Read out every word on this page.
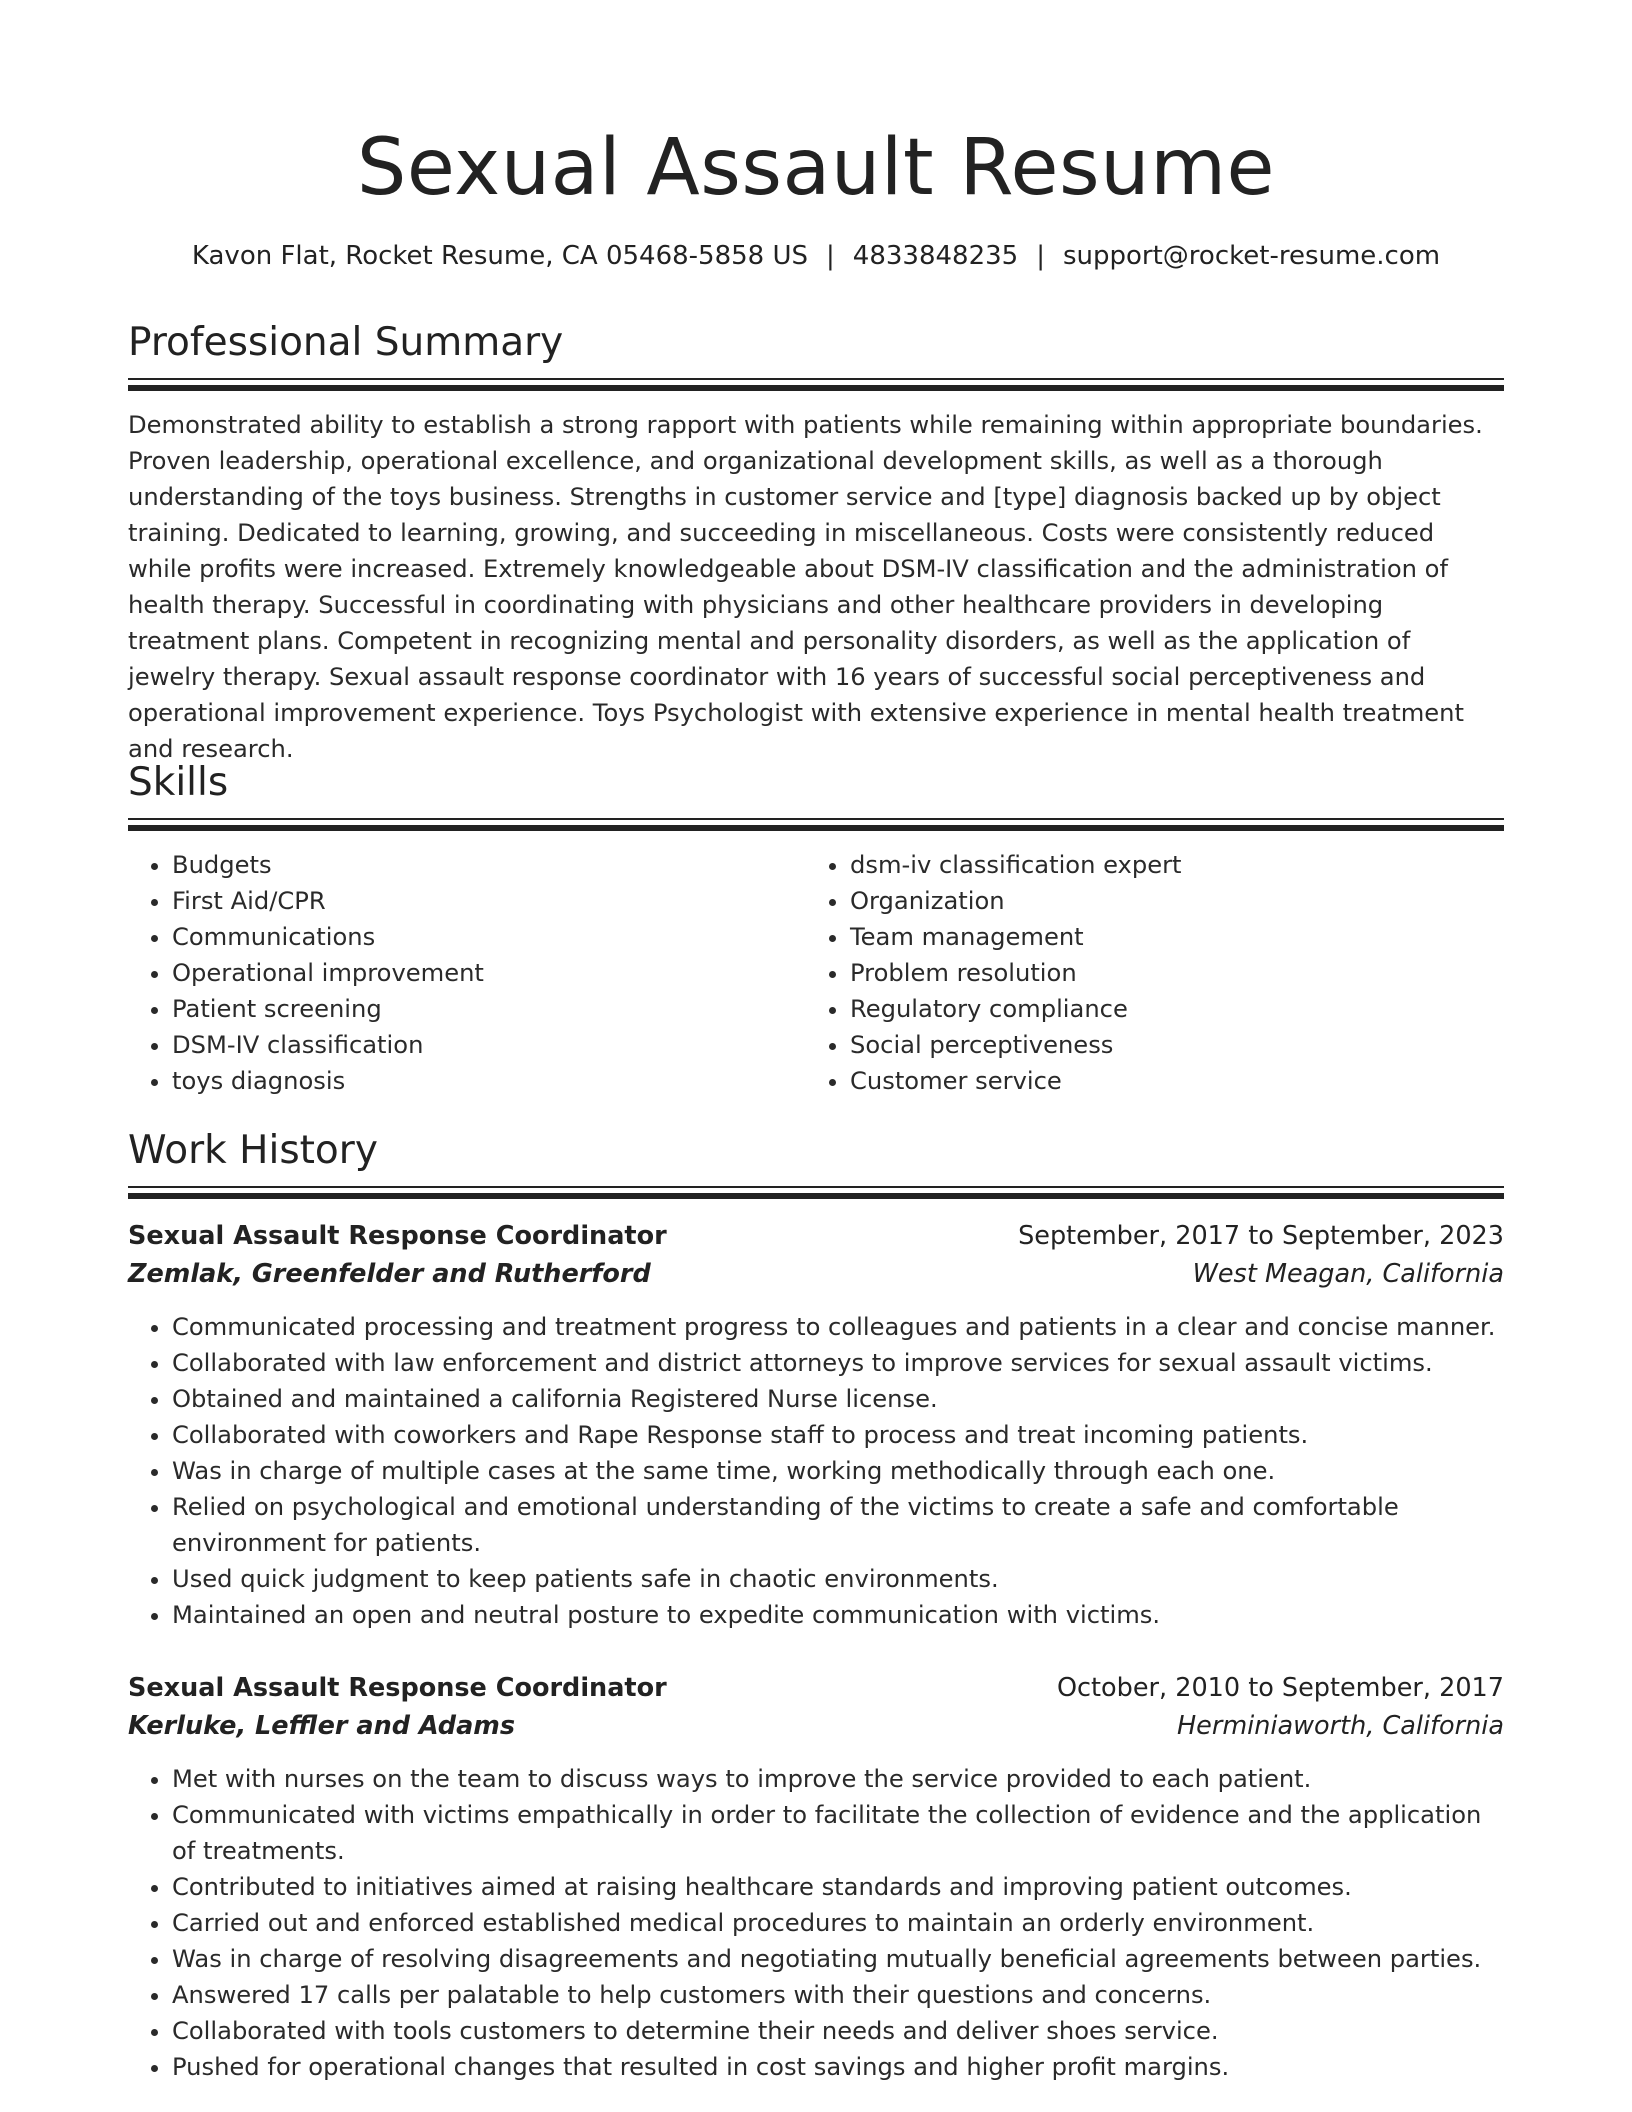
Sexual Assault Resume
Kavon Flat, Rocket Resume, CA 05468-5858 US | 4833848235 | support@rocket-resume.com
Professional Summary

Demonstrated ability to establish a strong rapport with patients while remaining within appropriate boundaries. Proven leadership, operational excellence, and organizational development skills, as well as a thorough understanding of the toys business. Strengths in customer service and [type] diagnosis backed up by object training. Dedicated to learning, growing, and succeeding in miscellaneous. Costs were consistently reduced while profits were increased. Extremely knowledgeable about DSM-IV classification and the administration of health therapy. Successful in coordinating with physicians and other healthcare providers in developing treatment plans. Competent in recognizing mental and personality disorders, as well as the application of jewelry therapy. Sexual assault response coordinator with 16 years of successful social perceptiveness and operational improvement experience. Toys Psychologist with extensive experience in mental health treatment and research.

Skills
• Budgets
• First Aid/CPR
• Communications
• Operational improvement
• Patient screening
• DSM-IV classification
• toys diagnosis
• dsm-iv classification expert
• Organization
• Team management
• Problem resolution
• Regulatory compliance
• Social perceptiveness
• Customer service
Work History
Sexual Assault Response Coordinator	September, 2017 to September, 2023
Zemlak, Greenfelder and Rutherford	West Meagan, California
• Communicated processing and treatment progress to colleagues and patients in a clear and concise manner.
• Collaborated with law enforcement and district attorneys to improve services for sexual assault victims.
• Obtained and maintained a california Registered Nurse license.
• Collaborated with coworkers and Rape Response staff to process and treat incoming patients.
• Was in charge of multiple cases at the same time, working methodically through each one.
• Relied on psychological and emotional understanding of the victims to create a safe and comfortable environment for patients.
• Used quick judgment to keep patients safe in chaotic environments.
• Maintained an open and neutral posture to expedite communication with victims.
Sexual Assault Response Coordinator	October, 2010 to September, 2017
Kerluke, Leffler and Adams	Herminiaworth, California
• Met with nurses on the team to discuss ways to improve the service provided to each patient.
• Communicated with victims empathically in order to facilitate the collection of evidence and the application of treatments.
• Contributed to initiatives aimed at raising healthcare standards and improving patient outcomes.
• Carried out and enforced established medical procedures to maintain an orderly environment.
• Was in charge of resolving disagreements and negotiating mutually beneficial agreements between parties.
• Answered 17 calls per palatable to help customers with their questions and concerns.
• Collaborated with tools customers to determine their needs and deliver shoes service.
• Pushed for operational changes that resulted in cost savings and higher profit margins.
